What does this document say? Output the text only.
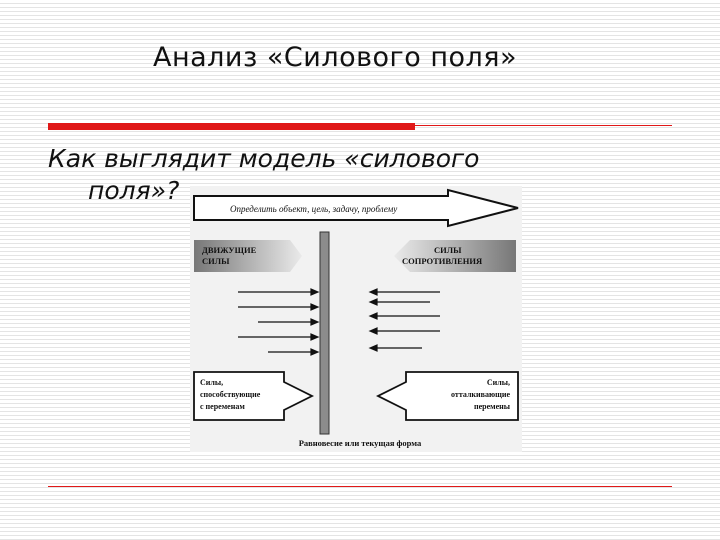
Анализ «Силового поля»
Как выглядит модель «силового
поля»?
Определить объект, цель, задачу, проблему
ДВИЖУЩИЕ
СИЛЫ
СИЛЫ
СОПРОТИВЛЕНИЯ
Силы,
способствующие
с переменам
Силы,
отталкивающие
перемены
Равновесие или текущая форма
